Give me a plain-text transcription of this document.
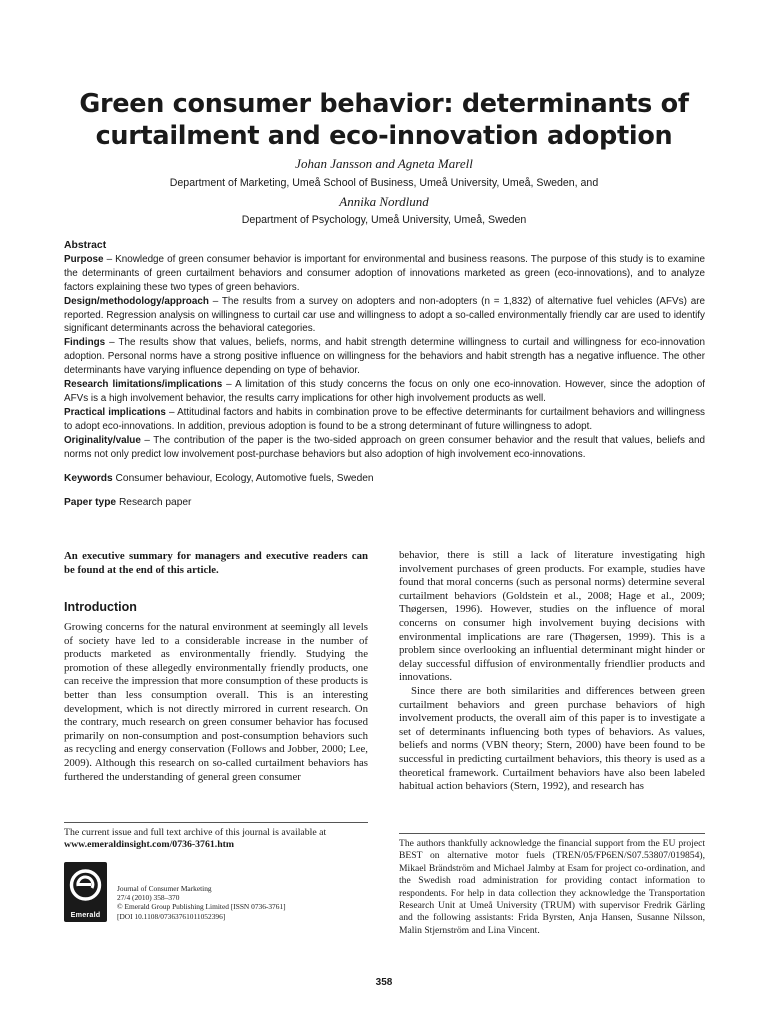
Green consumer behavior: determinants of
curtailment and eco-innovation adoption
Johan Jansson and Agneta Marell
Department of Marketing, Umeå School of Business, Umeå University, Umeå, Sweden, and
Annika Nordlund
Department of Psychology, Umeå University, Umeå, Sweden

Abstract

Purpose – Knowledge of green consumer behavior is important for environmental and business reasons. The purpose of this study is to examine the determinants of green curtailment behaviors and consumer adoption of innovations marketed as green (eco-innovations), and to analyze factors explaining these two types of green behaviors.

Design/methodology/approach – The results from a survey on adopters and non-adopters (n = 1,832) of alternative fuel vehicles (AFVs) are reported. Regression analysis on willingness to curtail car use and willingness to adopt a so-called environmentally friendly car are used to identify significant determinants across the behavioral categories.

Findings – The results show that values, beliefs, norms, and habit strength determine willingness to curtail and willingness for eco-innovation adoption. Personal norms have a strong positive influence on willingness for the behaviors and habit strength has a negative influence. The other determinants have varying influence depending on type of behavior.

Research limitations/implications – A limitation of this study concerns the focus on only one eco-innovation. However, since the adoption of AFVs is a high involvement behavior, the results carry implications for other high involvement products as well.

Practical implications – Attitudinal factors and habits in combination prove to be effective determinants for curtailment behaviors and willingness to adopt eco-innovations. In addition, previous adoption is found to be a strong determinant of future willingness to adopt.

Originality/value – The contribution of the paper is the two-sided approach on green consumer behavior and the result that values, beliefs and norms not only predict low involvement post-purchase behaviors but also adoption of high involvement eco-innovations.

Keywords Consumer behaviour, Ecology, Automotive fuels, Sweden
Paper type Research paper

An executive summary for managers and executive readers can be found at the end of this article.

Introduction

Growing concerns for the natural environment at seemingly all levels of society have led to a considerable increase in the number of products marketed as environmentally friendly. Studying the promotion of these allegedly environmentally friendly products, one can receive the impression that more consumption of these products is better than less consumption overall. This is an interesting development, which is not directly mirrored in current research. On the contrary, much research on green consumer behavior has focused primarily on non-consumption and post-consumption behaviors such as recycling and energy conservation (Follows and Jobber, 2000; Lee, 2009). Although this research on so-called curtailment behaviors has furthered the understanding of general green consumer

behavior, there is still a lack of literature investigating high involvement purchases of green products. For example, studies have found that moral concerns (such as personal norms) determine several curtailment behaviors (Goldstein et al., 2008; Hage et al., 2009; Thøgersen, 1996). However, studies on the influence of moral concerns on consumer high involvement buying decisions with environmental implications are rare (Thøgersen, 1999). This is a problem since overlooking an influential determinant might hinder or delay successful diffusion of environmentally friendlier products and innovations.

Since there are both similarities and differences between green curtailment behaviors and green purchase behaviors of high involvement products, the overall aim of this paper is to investigate a set of determinants influencing both types of behaviors. As values, beliefs and norms (VBN theory; Stern, 2000) have been found to be successful in predicting curtailment behaviors, this theory is used as a theoretical framework. Curtailment behaviors have also been labeled habitual action behaviors (Stern, 1992), and research has

The current issue and full text archive of this journal is available at
www.emeraldinsight.com/0736-3761.htm
Emerald
Journal of Consumer Marketing
27/4 (2010) 358–370
© Emerald Group Publishing Limited [ISSN 0736-3761]
[DOI 10.1108/07363761011052396]
The authors thankfully acknowledge the financial support from the EU project BEST on alternative motor fuels (TREN/05/FP6EN/S07.53807/019854), Mikael Brändström and Michael Jalmby at Esam for project co-ordination, and the Swedish road administration for providing contact information to respondents. For help in data collection they acknowledge the Transportation Research Unit at Umeå University (TRUM) with supervisor Fredrik Gärling and the following assistants: Frida Byrsten, Anja Hansen, Susanne Nilsson, Malin Stjernström and Lina Vincent.
358
